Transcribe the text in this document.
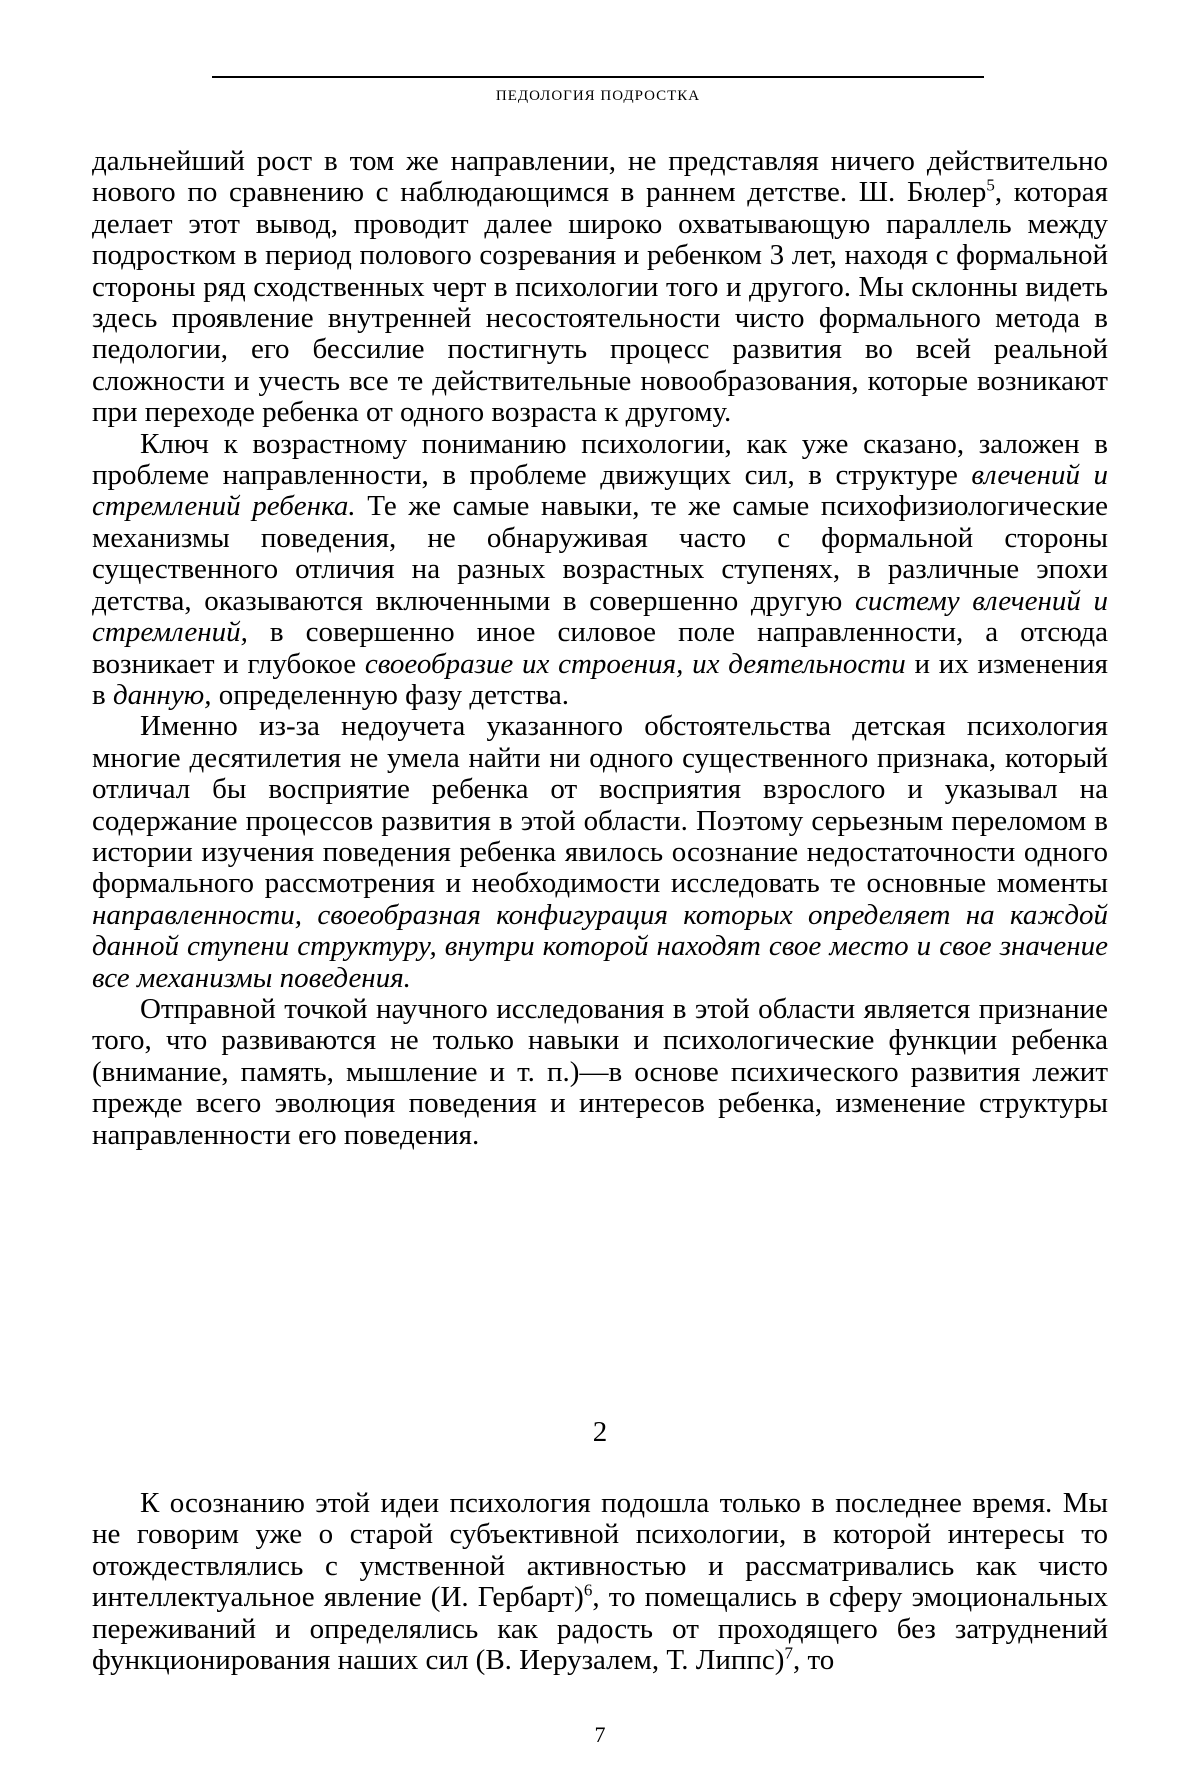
ПЕДОЛОГИЯ ПОДРОСТКА

дальнейший рост в том же направлении, не представляя ничего действительно нового по сравнению с наблюдающимся в раннем детстве. Ш. Бюлер$^5$, которая делает этот вывод, проводит далее широко охватывающую параллель между подростком в период полового созревания и ребенком 3 лет, находя с формальной стороны ряд сходственных черт в психологии того и другого. Мы склонны видеть здесь проявление внутренней несостоятельности чисто формального метода в педологии, его бессилие постигнуть процесс развития во всей реальной сложности и учесть все те действительные новообразования, которые возникают при переходе ребенка от одного возраста к другому.

Ключ к возрастному пониманию психологии, как уже сказано, заложен в проблеме направленности, в проблеме движущих сил, в структуре влечений и стремлений ребенка. Те же самые навыки, те же самые психофизиологические механизмы поведения, не обнаруживая часто с формальной стороны существенного отличия на разных возрастных ступенях, в различные эпохи детства, оказываются включенными в совершенно другую систему влечений и стремлений, в совершенно иное силовое поле направленности, а отсюда возникает и глубокое своеобразие их строения, их деятельности и их изменения в данную, определенную фазу детства.

Именно из-за недоучета указанного обстоятельства детская психология многие десятилетия не умела найти ни одного существенного признака, который отличал бы восприятие ребенка от восприятия взрослого и указывал на содержание процессов развития в этой области. Поэтому серьезным переломом в истории изучения поведения ребенка явилось осознание недостаточности одного формального рассмотрения и необходимости исследовать те основные моменты направленности, своеобразная конфигурация которых определяет на каждой данной ступени структуру, внутри которой находят свое место и свое значение все механизмы поведения.

Отправной точкой научного исследования в этой области является признание того, что развиваются не только навыки и психологические функции ребенка (внимание, память, мышление и т. п.)—в основе психического развития лежит прежде всего эволюция поведения и интересов ребенка, изменение структуры направленности его поведения.

2

К осознанию этой идеи психология подошла только в последнее время. Мы не говорим уже о старой субъективной психологии, в которой интересы то отождествлялись с умственной активностью и рассматривались как чисто интеллектуальное явление (И. Гербарт)$^6$, то помещались в сферу эмоциональных переживаний и определялись как радость от проходящего без затруднений функционирования наших сил (В. Иерузалем, Т. Липпс)$^7$, то

7
